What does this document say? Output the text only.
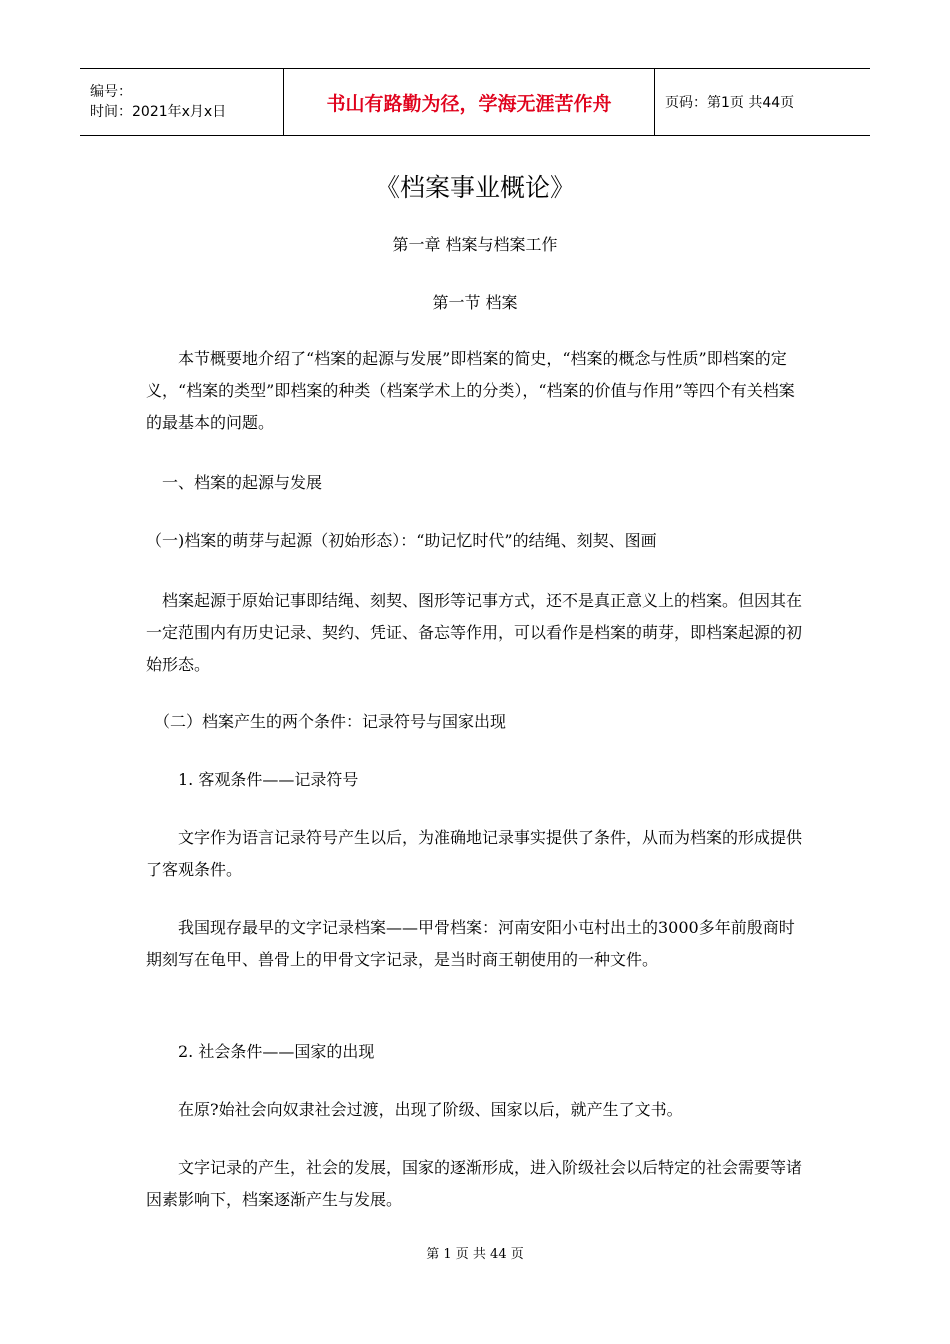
编号：
时间：2021年x月x日	书山有路勤为径，学海无涯苦作舟	页码：第1页 共44页
《档案事业概论》
第一章 档案与档案工作
第一节 档案

　　本节概要地介绍了“档案的起源与发展”即档案的简史，“档案的概念与性质”即档案的定义，“档案的类型”即档案的种类（档案学术上的分类），“档案的价值与作用”等四个有关档案的最基本的问题。

　一、档案的起源与发展

（一)档案的萌芽与起源（初始形态）：“助记忆时代”的结绳、刻契、图画

　档案起源于原始记事即结绳、刻契、图形等记事方式，还不是真正意义上的档案。但因其在一定范围内有历史记录、契约、凭证、备忘等作用，可以看作是档案的萌芽，即档案起源的初始形态。

　（二）档案产生的两个条件：记录符号与国家出现

　　1. 客观条件——记录符号

　　文字作为语言记录符号产生以后，为准确地记录事实提供了条件，从而为档案的形成提供了客观条件。

　　我国现存最早的文字记录档案——甲骨档案：河南安阳小屯村出土的3000多年前殷商时期刻写在龟甲、兽骨上的甲骨文字记录，是当时商王朝使用的一种文件。

　　2. 社会条件——国家的出现

　　在原?始社会向奴隶社会过渡，出现了阶级、国家以后，就产生了文书。

　　文字记录的产生，社会的发展，国家的逐渐形成，进入阶级社会以后特定的社会需要等诸因素影响下，档案逐渐产生与发展。

第 1 页 共 44 页
